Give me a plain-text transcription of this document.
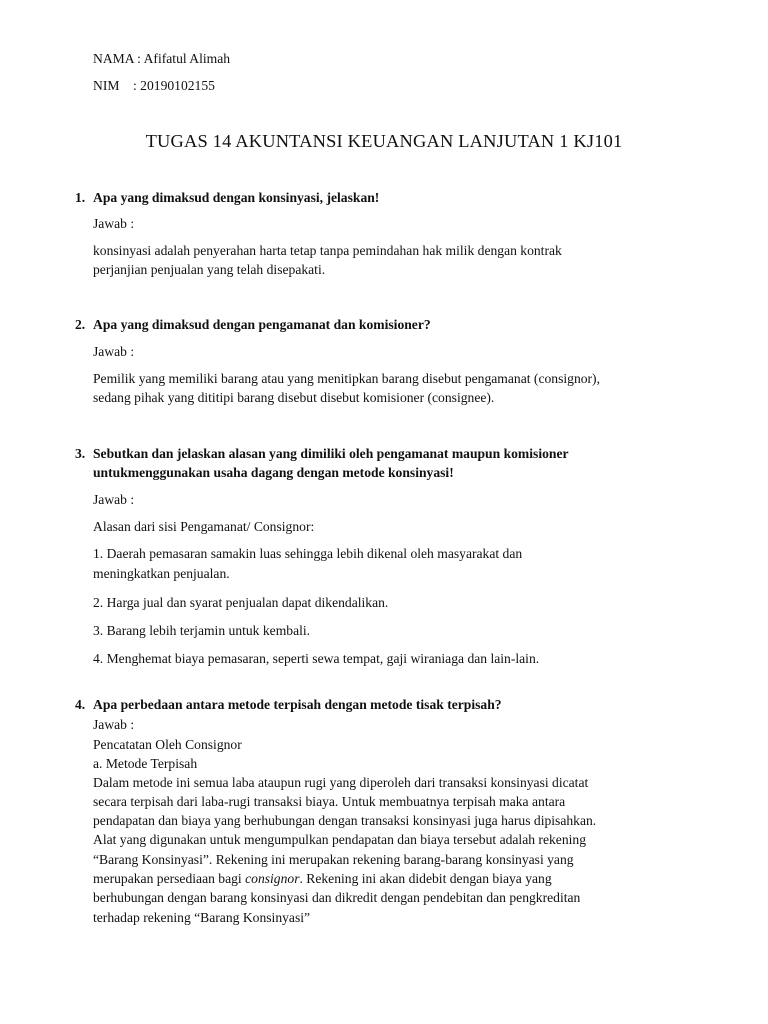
NAMA : Afifatul Alimah
NIM : 20190102155
TUGAS 14 AKUNTANSI KEUANGAN LANJUTAN 1 KJ101
1. Apa yang dimaksud dengan konsinyasi, jelaskan!
Jawab :
konsinyasi adalah penyerahan harta tetap tanpa pemindahan hak milik dengan kontrak
perjanjian penjualan yang telah disepakati.
2. Apa yang dimaksud dengan pengamanat dan komisioner?
Jawab :
Pemilik yang memiliki barang atau yang menitipkan barang disebut pengamanat (consignor),
sedang pihak yang dititipi barang disebut disebut komisioner (consignee).
3. Sebutkan dan jelaskan alasan yang dimiliki oleh pengamanat maupun komisioner
untukmenggunakan usaha dagang dengan metode konsinyasi!
Jawab :
Alasan dari sisi Pengamanat/ Consignor:
1. Daerah pemasaran samakin luas sehingga lebih dikenal oleh masyarakat dan
meningkatkan penjualan.
2. Harga jual dan syarat penjualan dapat dikendalikan.
3. Barang lebih terjamin untuk kembali.
4. Menghemat biaya pemasaran, seperti sewa tempat, gaji wiraniaga dan lain-lain.
4. Apa perbedaan antara metode terpisah dengan metode tisak terpisah?
Jawab :
Pencatatan Oleh Consignor
a. Metode Terpisah
Dalam metode ini semua laba ataupun rugi yang diperoleh dari transaksi konsinyasi dicatat
secara terpisah dari laba-rugi transaksi biaya. Untuk membuatnya terpisah maka antara
pendapatan dan biaya yang berhubungan dengan transaksi konsinyasi juga harus dipisahkan.
Alat yang digunakan untuk mengumpulkan pendapatan dan biaya tersebut adalah rekening
“Barang Konsinyasi”. Rekening ini merupakan rekening barang-barang konsinyasi yang
merupakan persediaan bagi consignor. Rekening ini akan didebit dengan biaya yang
berhubungan dengan barang konsinyasi dan dikredit dengan pendebitan dan pengkreditan
terhadap rekening “Barang Konsinyasi”
